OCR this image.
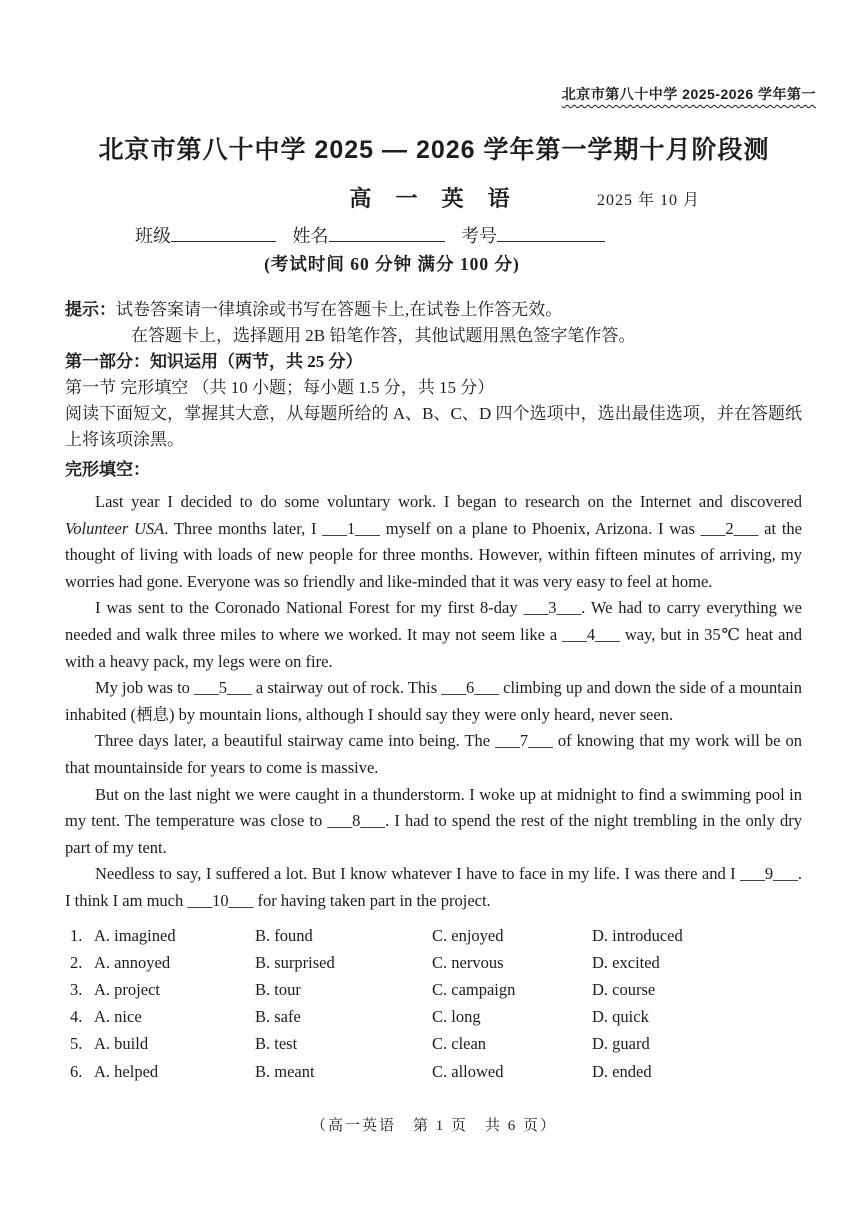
北京市第八十中学 2025-2026 学年第一
北京市第八十中学 2025 — 2026 学年第一学期十月阶段测
高 一 英 语	2025 年 10 月
班级	姓名	考号
(考试时间 60 分钟 满分 100 分)

提示：试卷答案请一律填涂或书写在答题卡上,在试卷上作答无效。

在答题卡上，选择题用 2B 铅笔作答，其他试题用黑色签字笔作答。

第一部分：知识运用（两节，共 25 分）

第一节 完形填空 （共 10 小题；每小题 1.5 分，共 15 分）

阅读下面短文，掌握其大意，从每题所给的 A、B、C、D 四个选项中，选出最佳选项，并在答题纸上将该项涂黑。

完形填空：

Last year I decided to do some voluntary work. I began to research on the Internet and discovered Volunteer USA. Three months later, I ___1___ myself on a plane to Phoenix, Arizona. I was ___2___ at the thought of living with loads of new people for three months. However, within fifteen minutes of arriving, my worries had gone. Everyone was so friendly and like-minded that it was very easy to feel at home.

I was sent to the Coronado National Forest for my first 8-day ___3___. We had to carry everything we needed and walk three miles to where we worked. It may not seem like a ___4___ way, but in 35℃ heat and with a heavy pack, my legs were on fire.

My job was to ___5___ a stairway out of rock. This ___6___ climbing up and down the side of a mountain inhabited (栖息) by mountain lions, although I should say they were only heard, never seen.

Three days later, a beautiful stairway came into being. The ___7___ of knowing that my work will be on that mountainside for years to come is massive.

But on the last night we were caught in a thunderstorm. I woke up at midnight to find a swimming pool in my tent. The temperature was close to ___8___. I had to spend the rest of the night trembling in the only dry part of my tent.

Needless to say, I suffered a lot. But I know whatever I have to face in my life. I was there and I ___9___. I think I am much ___10___ for having taken part in the project.

1. A. imagined	B. found	C. enjoyed	D. introduced
2. A. annoyed	B. surprised	C. nervous	D. excited
3. A. project	B. tour	C. campaign	D. course
4. A. nice	B. safe	C. long	D. quick
5. A. build	B. test	C. clean	D. guard
6. A. helped	B. meant	C. allowed	D. ended
（高一英语　第 1 页　共 6 页）
